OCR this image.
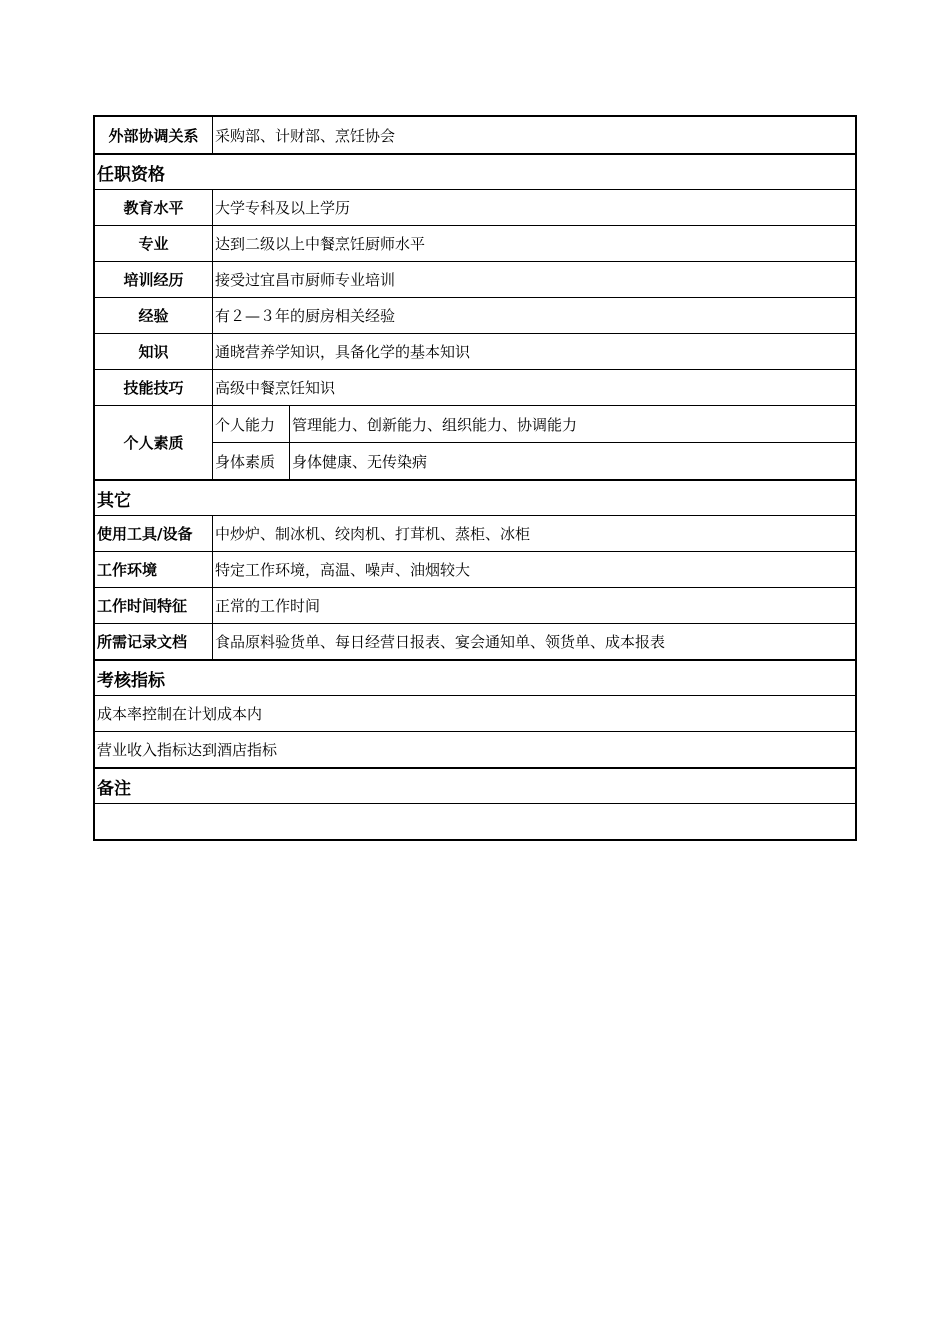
外部协调关系	采购部、计财部、烹饪协会
任职资格
教育水平	大学专科及以上学历
专业	达到二级以上中餐烹饪厨师水平
培训经历	接受过宜昌市厨师专业培训
经验	有２—３年的厨房相关经验
知识	通晓营养学知识，具备化学的基本知识
技能技巧	高级中餐烹饪知识
个人素质
个人能力	管理能力、创新能力、组织能力、协调能力
身体素质	身体健康、无传染病
其它
使用工具/设备	中炒炉、制冰机、绞肉机、打茸机、蒸柜、冰柜
工作环境	特定工作环境，高温、噪声、油烟较大
工作时间特征	正常的工作时间
所需记录文档	食品原料验货单、每日经营日报表、宴会通知单、领货单、成本报表
考核指标
成本率控制在计划成本内
营业收入指标达到酒店指标
备注
